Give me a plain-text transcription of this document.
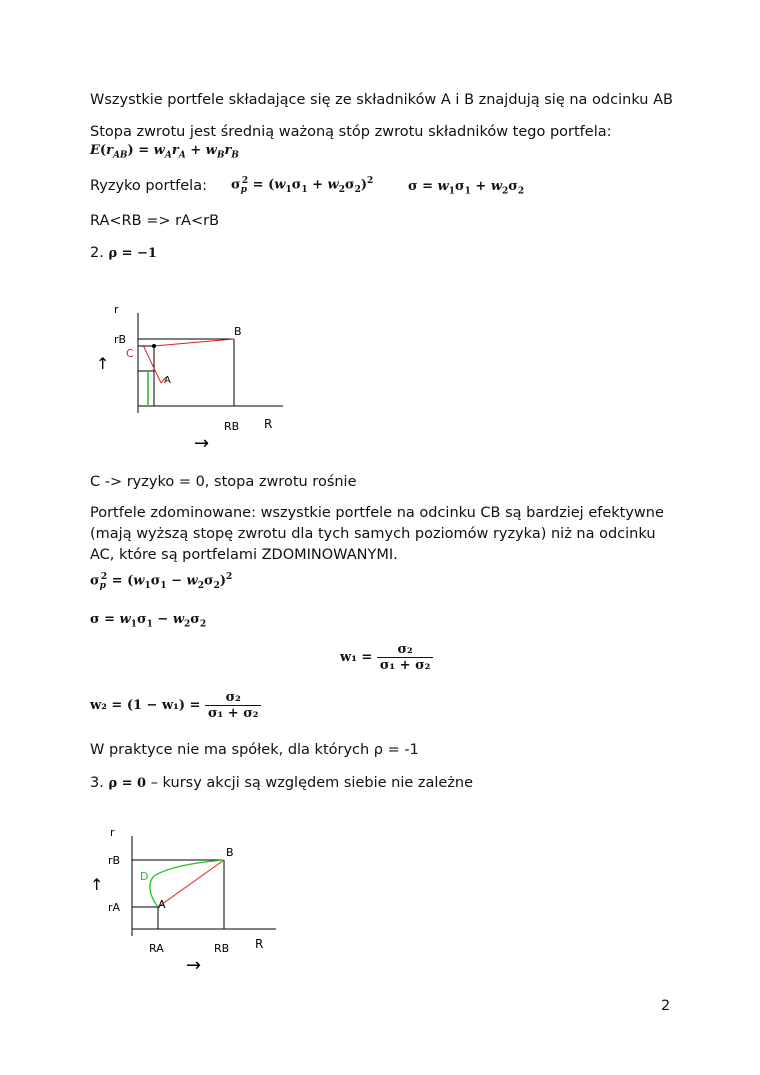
Wszystkie portfele składające się ze składników A i B znajdują się na odcinku AB
Stopa zwrotu jest średnią ważoną stóp zwrotu składników tego portfela:
$E(r_{AB}) = w_Ar_A + w_Br_B$
Ryzyko portfela: $\sigma_p^2 = (w_1\sigma_1 + w_2\sigma_2)^2$	$\sigma = w_1\sigma_1 + w_2\sigma_2$
RA<RB => rA<rB
2. ρ = −1
r
rB
B
C
A
RB R
↑
→
C -> ryzyko = 0, stopa zwrotu rośnie
Portfele zdominowane: wszystkie portfele na odcinku CB są bardziej efektywne (mają wyższą stopę zwrotu dla tych samych poziomów ryzyka) niż na odcinku AC, które są portfelami ZDOMINOWANYMI.
$\sigma_p^2 = (w_1\sigma_1 - w_2\sigma_2)^2$
$\sigma = w_1\sigma_1 - w_2\sigma_2$
$w_1 = \frac{\text{σ₂}}{\text{σ₁ + σ₂}}$
$w_2 = (1 - w_1) = \frac{\text{σ₂}}{\text{σ₁ + σ₂}}$
W praktyce nie ma spółek, dla których ρ = -1
3. ρ = 0 – kursy akcji są względem siebie nie zależne
r
rB
rA
B
D
A
RA	RB R
↑
→
2
